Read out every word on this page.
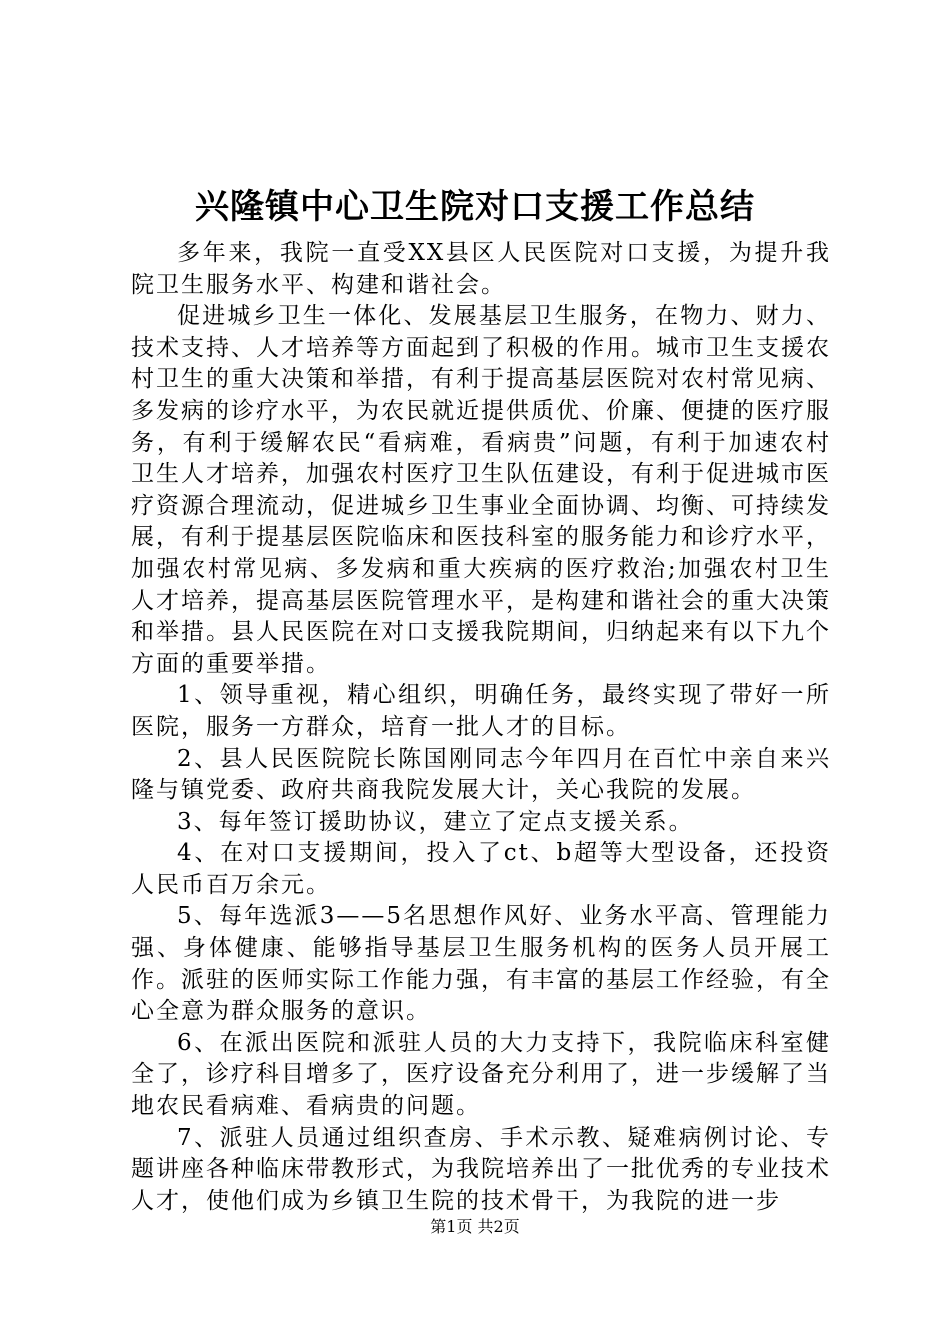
兴隆镇中心卫生院对口支援工作总结

多年来，我院一直受XX县区人民医院对口支援，为提升我院卫生服务水平、构建和谐社会。

促进城乡卫生一体化、发展基层卫生服务，在物力、财力、技术支持、人才培养等方面起到了积极的作用。城市卫生支援农村卫生的重大决策和举措，有利于提高基层医院对农村常见病、多发病的诊疗水平，为农民就近提供质优、价廉、便捷的医疗服务，有利于缓解农民“看病难，看病贵”问题，有利于加速农村卫生人才培养，加强农村医疗卫生队伍建设，有利于促进城市医疗资源合理流动，促进城乡卫生事业全面协调、均衡、可持续发展，有利于提基层医院临床和医技科室的服务能力和诊疗水平，加强农村常见病、多发病和重大疾病的医疗救治;加强农村卫生人才培养，提高基层医院管理水平，是构建和谐社会的重大决策和举措。县人民医院在对口支援我院期间，归纳起来有以下九个方面的重要举措。

1、领导重视，精心组织，明确任务，最终实现了带好一所医院，服务一方群众，培育一批人才的目标。

2、县人民医院院长陈国刚同志今年四月在百忙中亲自来兴隆与镇党委、政府共商我院发展大计，关心我院的发展。

3、每年签订援助协议，建立了定点支援关系。

4、在对口支援期间，投入了ct、b超等大型设备，还投资人民币百万余元。

5、每年选派3——5名思想作风好、业务水平高、管理能力强、身体健康、能够指导基层卫生服务机构的医务人员开展工作。派驻的医师实际工作能力强，有丰富的基层工作经验，有全心全意为群众服务的意识。

6、在派出医院和派驻人员的大力支持下，我院临床科室健全了，诊疗科目增多了，医疗设备充分利用了，进一步缓解了当地农民看病难、看病贵的问题。

7、派驻人员通过组织查房、手术示教、疑难病例讨论、专题讲座各种临床带教形式，为我院培养出了一批优秀的专业技术人才，使他们成为乡镇卫生院的技术骨干，为我院的进一步

第1页 共2页
